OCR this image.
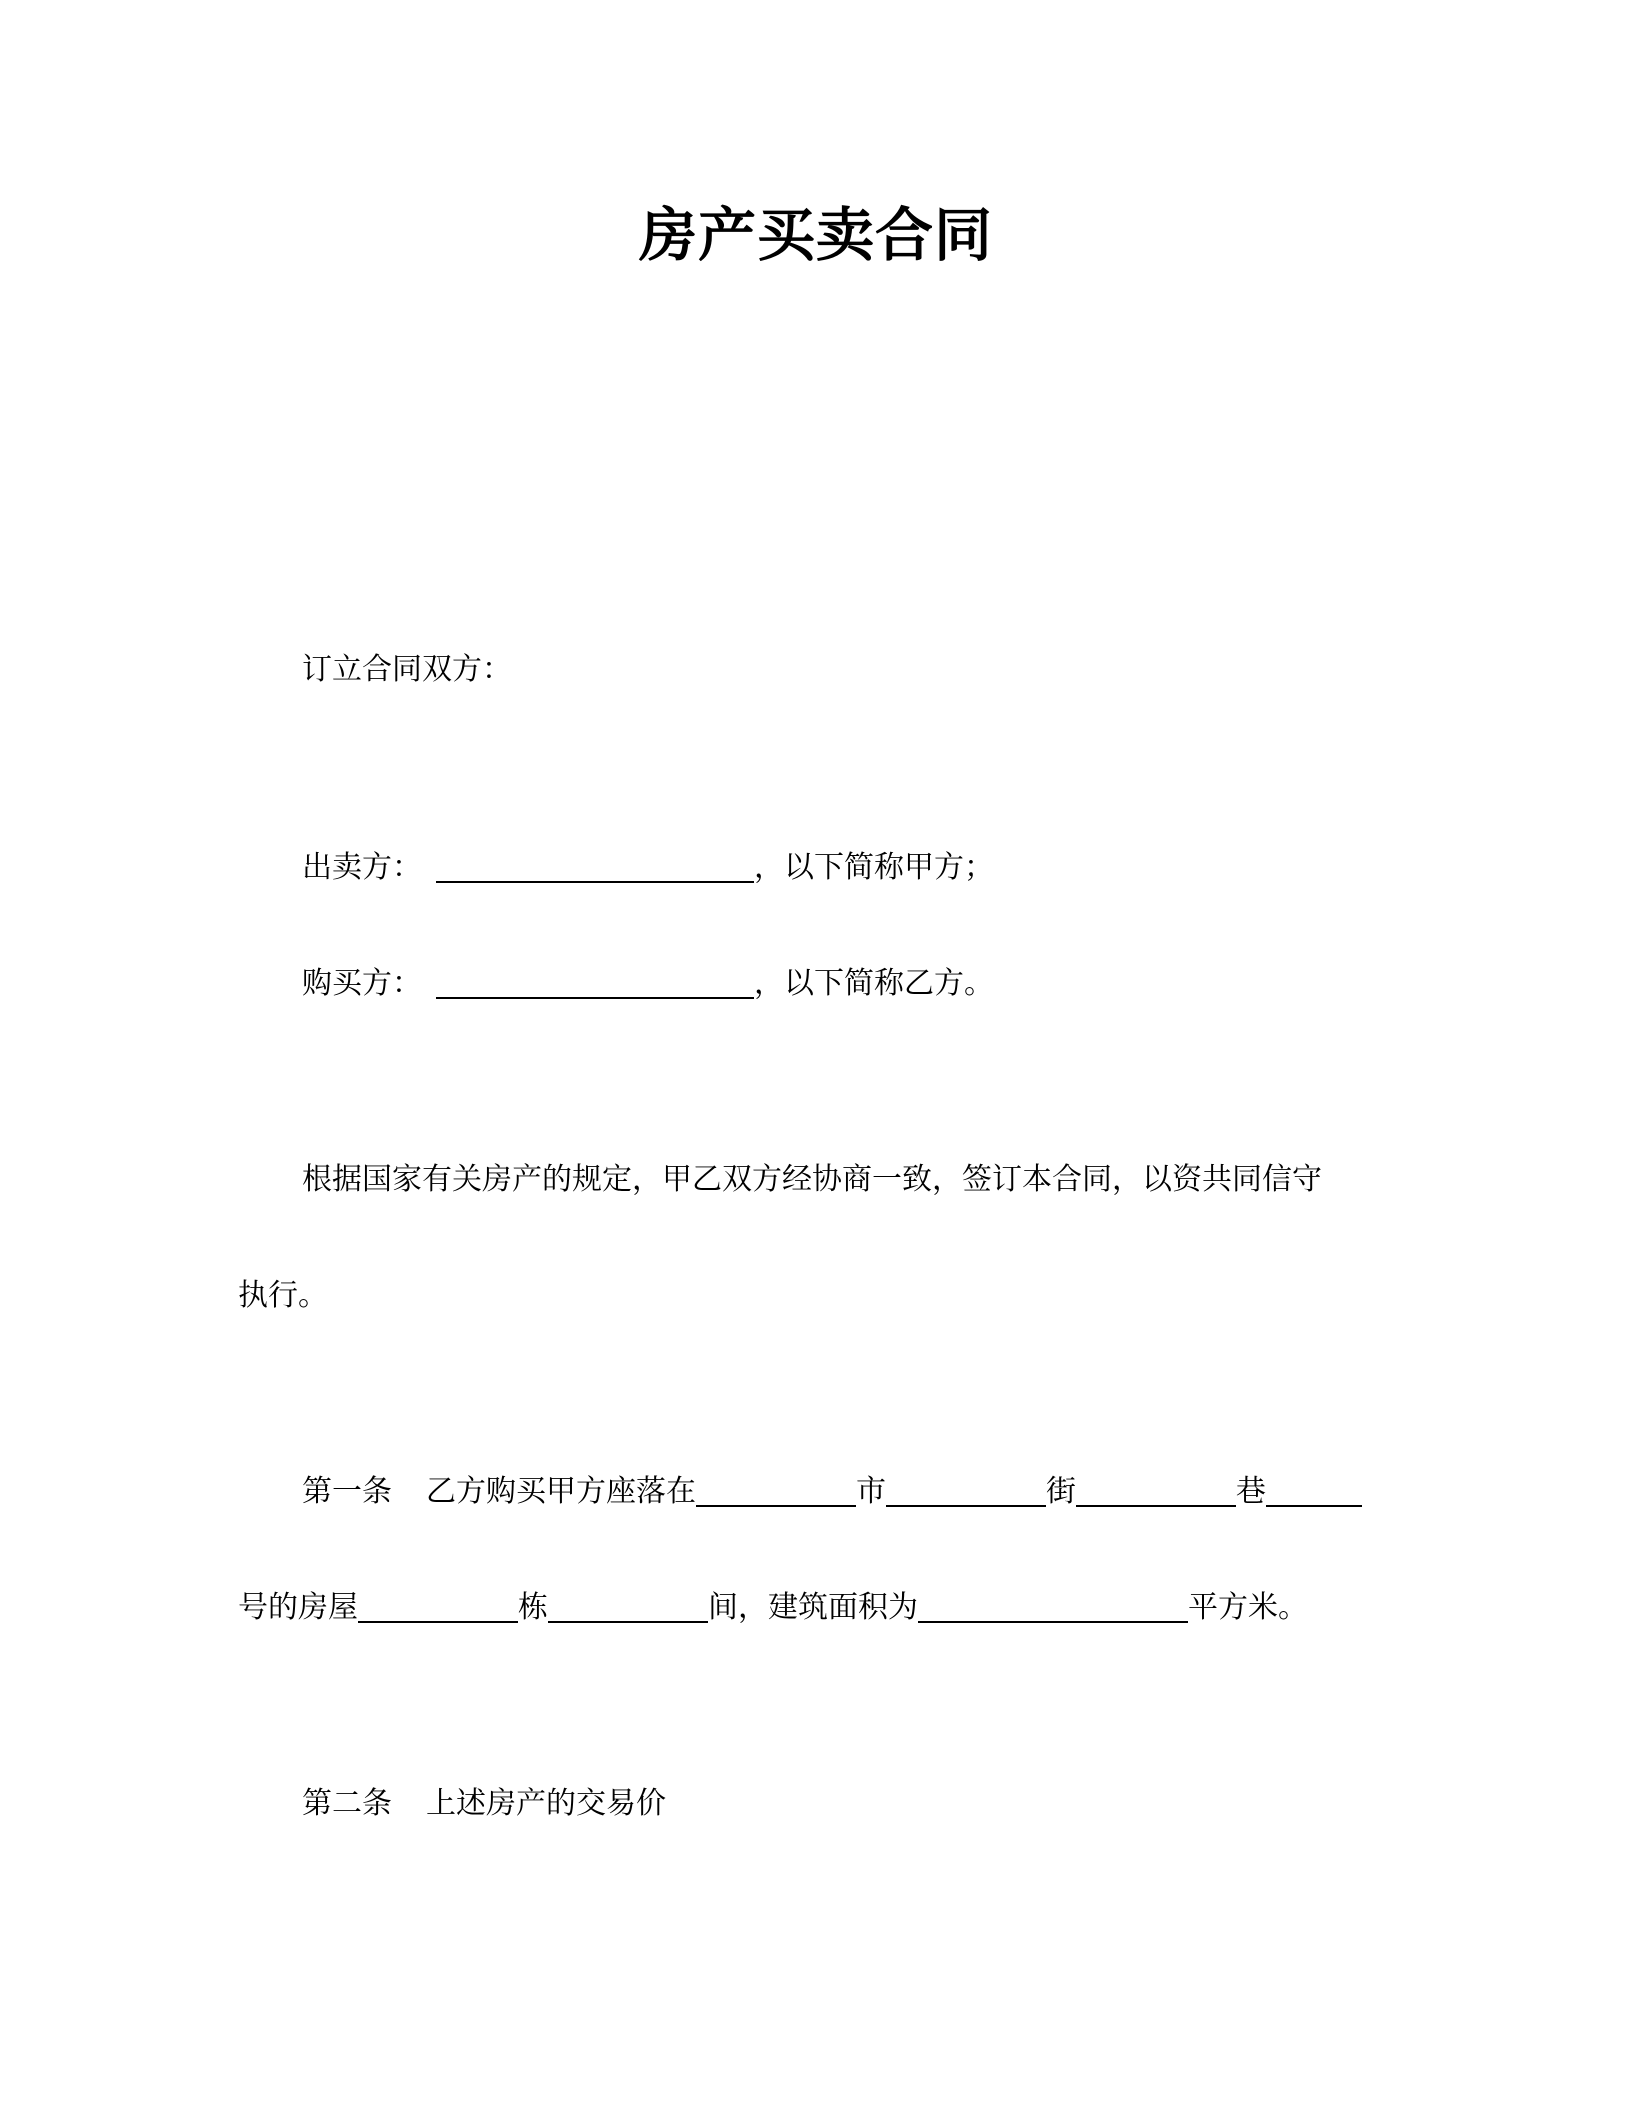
房产买卖合同

订立合同双方：

出卖方：	，以下简称甲方；

购买方：	，以下简称乙方。

根据国家有关房产的规定，甲乙双方经协商一致，签订本合同，以资共同信守

执行。

第一条 乙方购买甲方座落在	市	街	巷

号的房屋	栋	间，建筑面积为	平方米。

第二条 上述房产的交易价
